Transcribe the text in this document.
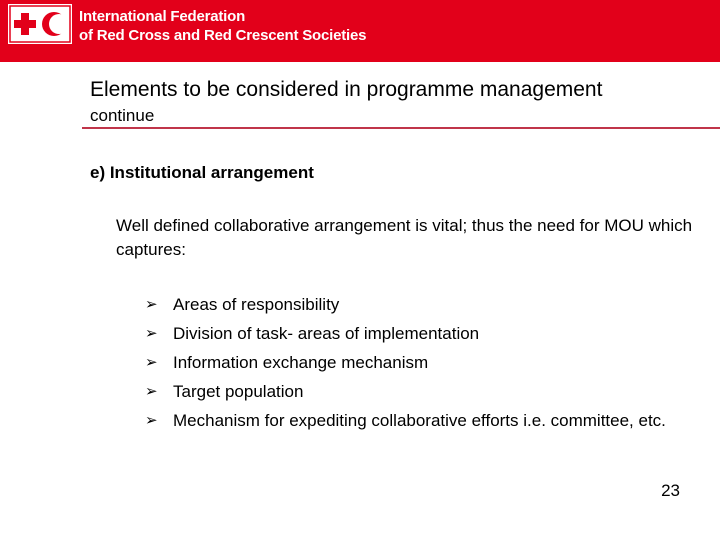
International Federation
of Red Cross and Red Crescent Societies
Elements to be considered in programme management
continue
e) Institutional arrangement
Well defined collaborative arrangement is vital; thus the need for MOU which captures:
➢ Areas of responsibility
➢ Division of task- areas of implementation
➢ Information exchange mechanism
➢ Target population
➢ Mechanism for expediting collaborative efforts i.e. committee, etc.
23
